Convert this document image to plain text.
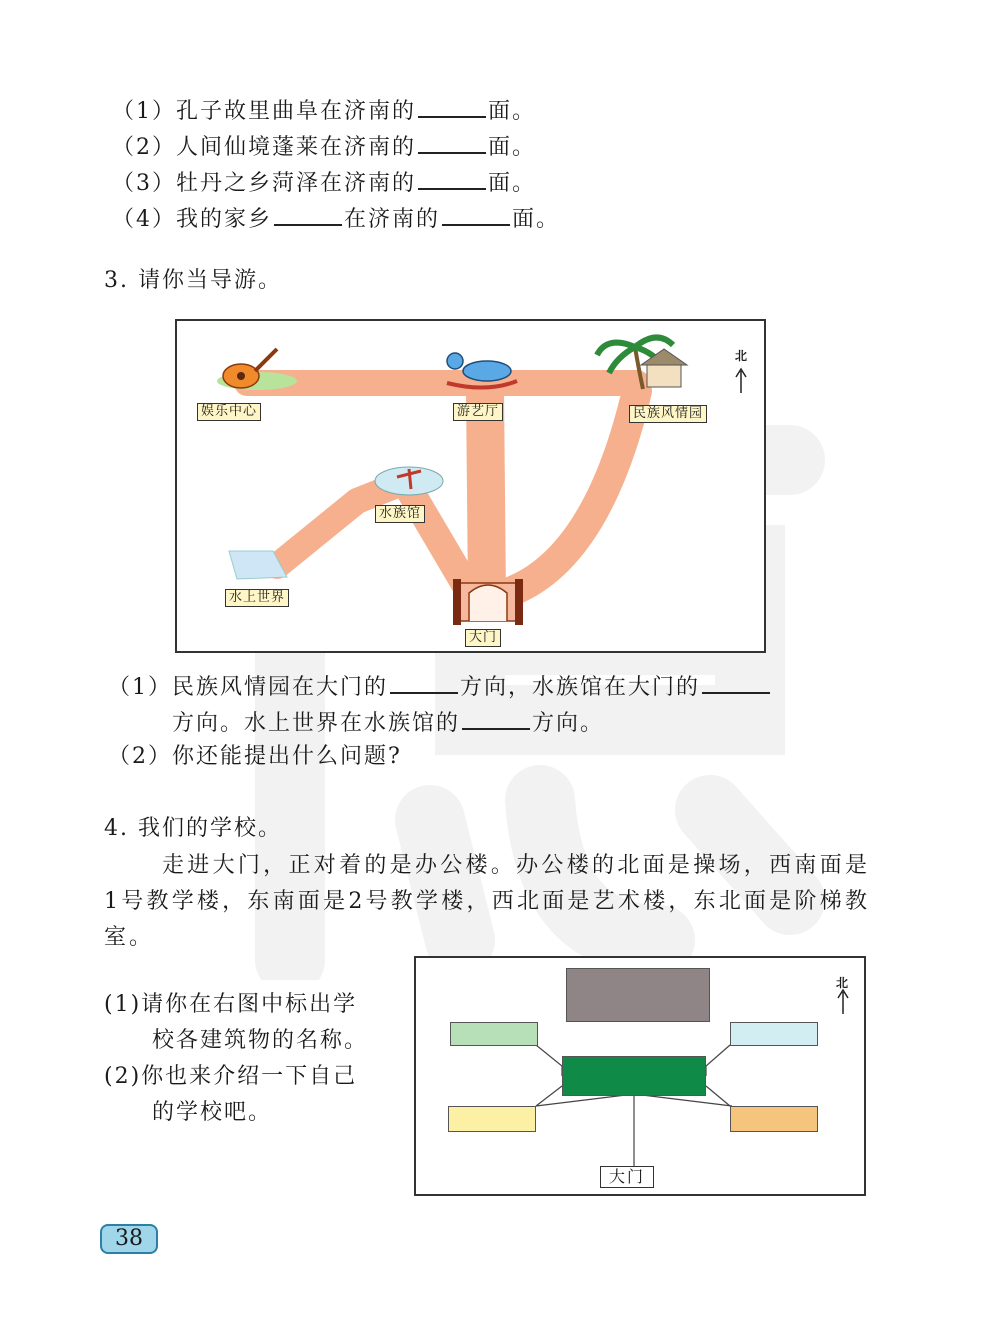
（1）孔子故里曲阜在济南的	面。
（2）人间仙境蓬莱在济南的	面。
（3）牡丹之乡菏泽在济南的	面。
（4）我的家乡	在济南的	面。
3. 请你当导游。
北
娱乐中心	游艺厅	民族风情园
水族馆
水上世界
大门
（1）民族风情园在大门的	方向，水族馆在大门的
方向。水上世界在水族馆的	方向。
（2）你还能提出什么问题?
4. 我们的学校。
走进大门，正对着的是办公楼。办公楼的北面是操场，西南面是1号教学楼，东南面是2号教学楼，西北面是艺术楼，东北面是阶梯教室。
(1)请你在右图中标出学
校各建筑物的名称。
(2)你也来介绍一下自己
的学校吧。
北
大门
38
